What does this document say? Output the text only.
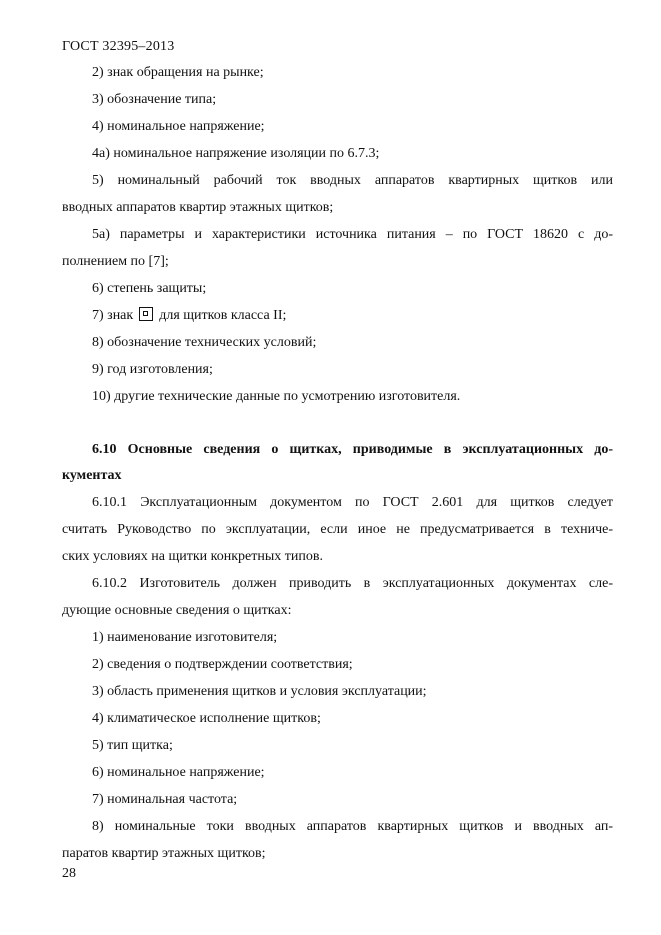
ГОСТ 32395–2013
2) знак обращения на рынке;
3) обозначение типа;
4) номинальное напряжение;
4а) номинальное напряжение изоляции по 6.7.3;
5) номинальный рабочий ток вводных аппаратов квартирных щитков или
вводных аппаратов квартир этажных щитков;
5а) параметры и характеристики источника питания – по ГОСТ 18620 с до-
полнением по [7];
6) степень защиты;
7) знак для щитков класса II;
8) обозначение технических условий;
9) год изготовления;
10) другие технические данные по усмотрению изготовителя.
6.10 Основные сведения о щитках, приводимые в эксплуатационных до-
кументах
6.10.1 Эксплуатационным документом по ГОСТ 2.601 для щитков следует
считать Руководство по эксплуатации, если иное не предусматривается в техниче-
ских условиях на щитки конкретных типов.
6.10.2 Изготовитель должен приводить в эксплуатационных документах сле-
дующие основные сведения о щитках:
1) наименование изготовителя;
2) сведения о подтверждении соответствия;
3) область применения щитков и условия эксплуатации;
4) климатическое исполнение щитков;
5) тип щитка;
6) номинальное напряжение;
7) номинальная частота;
8) номинальные токи вводных аппаратов квартирных щитков и вводных ап-
паратов квартир этажных щитков;
28
